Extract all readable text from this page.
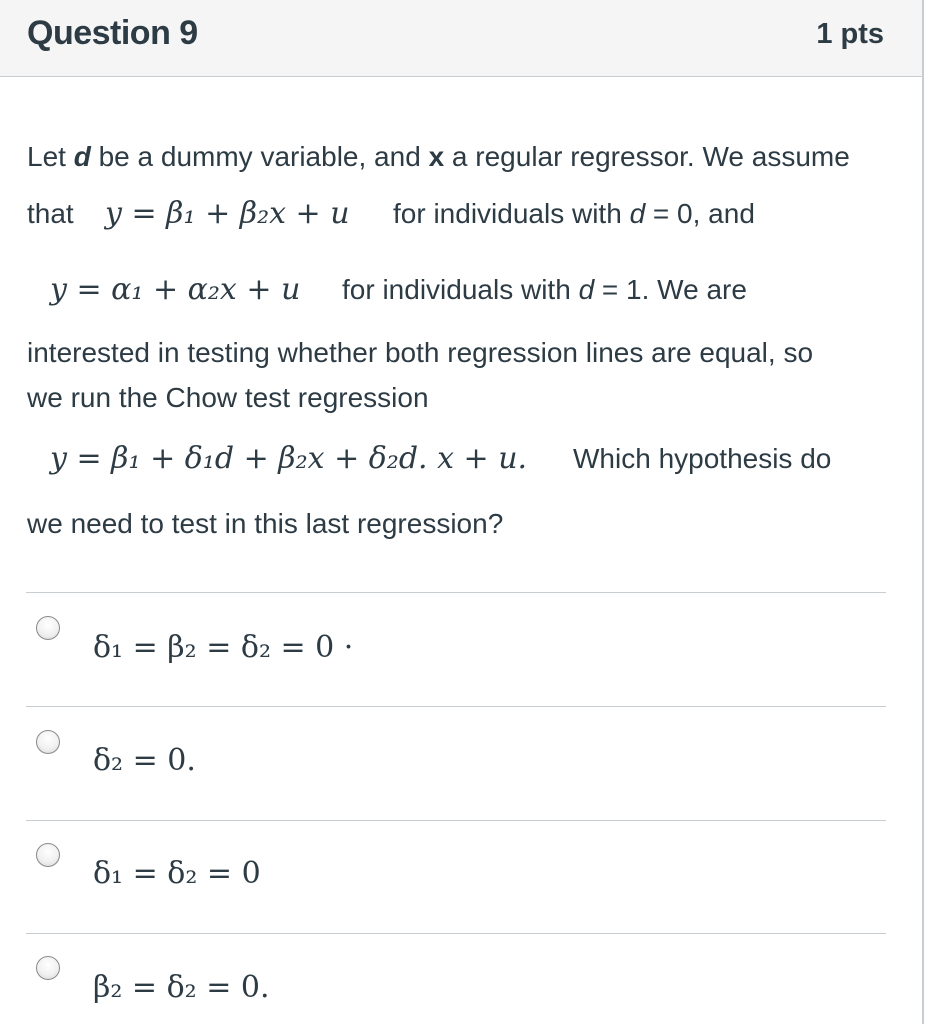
Question 9	1 pts
Let d be a dummy variable, and x a regular regressor. We assume
that y = β₁ + β₂x + u for individuals with d = 0, and
y = α₁ + α₂x + u for individuals with d = 1. We are
interested in testing whether both regression lines are equal, so
we run the Chow test regression
y = β₁ + δ₁d + β₂x + δ₂d. x + u. Which hypothesis do
we need to test in this last regression?
δ₁ = β₂ = δ₂ = 0 ·
δ₂ = 0.
δ₁ = δ₂ = 0
β₂ = δ₂ = 0.
